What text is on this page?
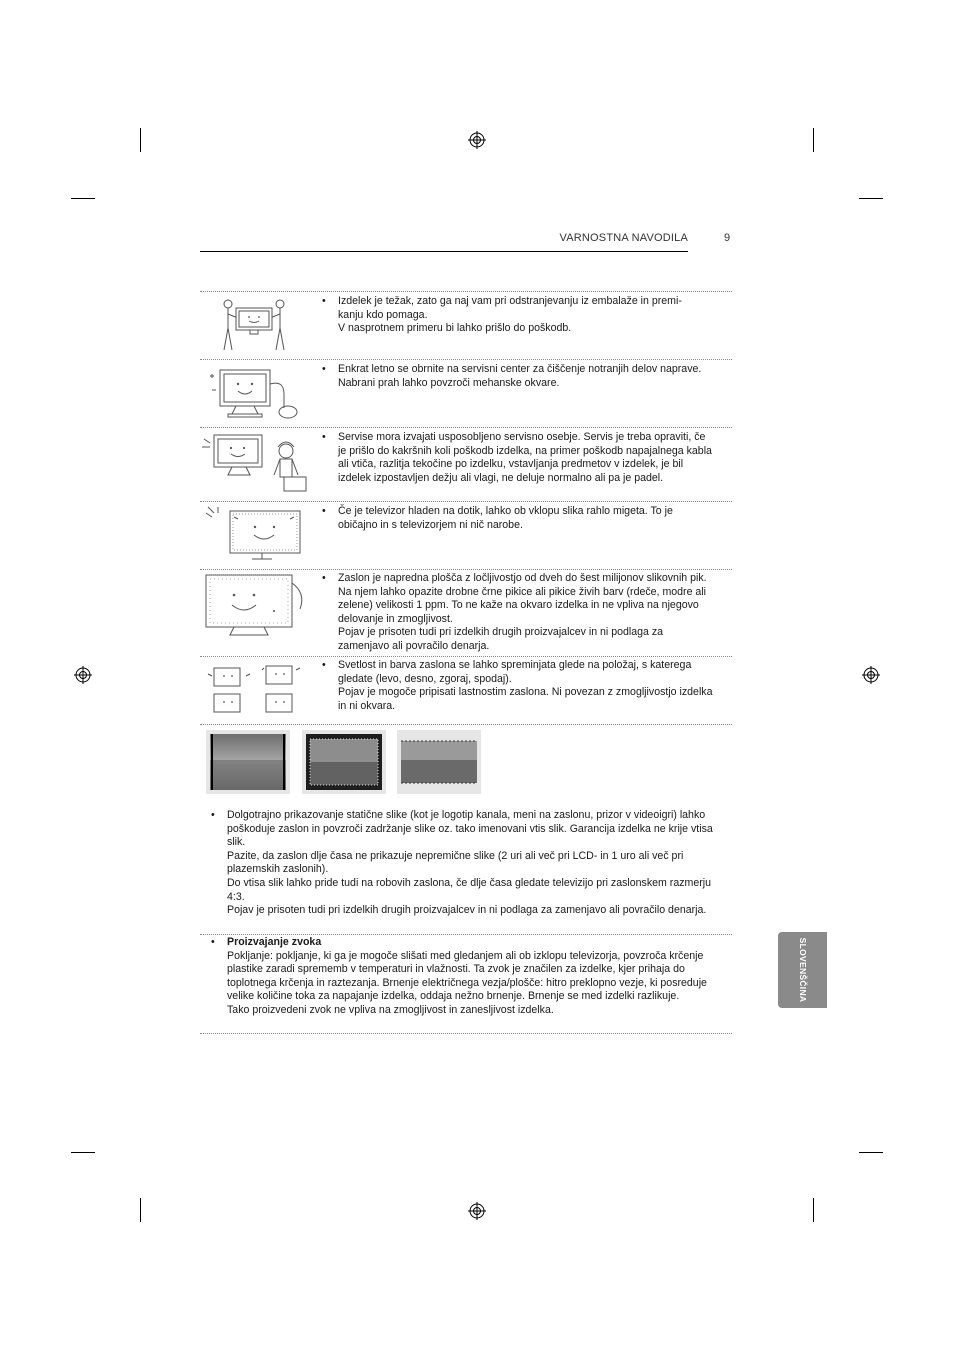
VARNOSTNA NAVODILA	9
SLOVENŠČINA
• Izdelek je težak, zato ga naj vam pri odstranjevanju iz embalaže in premi-
kanju kdo pomaga.
V nasprotnem primeru bi lahko prišlo do poškodb.
• Enkrat letno se obrnite na servisni center za čiščenje notranjih delov naprave.
Nabrani prah lahko povzroči mehanske okvare.
• Servise mora izvajati usposobljeno servisno osebje. Servis je treba opraviti, če je prišlo do kakršnih koli poškodb izdelka, na primer poškodb napajalnega kabla ali vtiča, razlitja tekočine po izdelku, vstavljanja predmetov v izdelek, je bil izdelek izpostavljen dežju ali vlagi, ne deluje normalno ali pa je padel.
• Če je televizor hladen na dotik, lahko ob vklopu slika rahlo migeta. To je običajno in s televizorjem ni nič narobe.
• Zaslon je napredna plošča z ločljivostjo od dveh do šest milijonov slikovnih pik. Na njem lahko opazite drobne črne pikice ali pikice živih barv (rdeče, modre ali zelene) velikosti 1 ppm. To ne kaže na okvaro izdelka in ne vpliva na njegovo delovanje in zmogljivost.
Pojav je prisoten tudi pri izdelkih drugih proizvajalcev in ni podlaga za zamenjavo ali povračilo denarja.
• Svetlost in barva zaslona se lahko spreminjata glede na položaj, s katerega gledate (levo, desno, zgoraj, spodaj).
Pojav je mogoče pripisati lastnostim zaslona. Ni povezan z zmogljivostjo izdelka in ni okvara.
• Dolgotrajno prikazovanje statične slike (kot je logotip kanala, meni na zaslonu, prizor v videoigri) lahko poškoduje zaslon in povzroči zadržanje slike oz. tako imenovani vtis slik. Garancija izdelka ne krije vtisa slik.

Pazite, da zaslon dlje časa ne prikazuje nepremične slike (2 uri ali več pri LCD- in 1 uro ali več pri plazemskih zaslonih).

Do vtisa slik lahko pride tudi na robovih zaslona, če dlje časa gledate televizijo pri zaslonskem razmerju 4:3.

Pojav je prisoten tudi pri izdelkih drugih proizvajalcev in ni podlaga za zamenjavo ali povračilo denarja.

• Proizvajanje zvoka

Pokljanje: pokljanje, ki ga je mogoče slišati med gledanjem ali ob izklopu televizorja, povzroča krčenje plastike zaradi sprememb v temperaturi in vlažnosti. Ta zvok je značilen za izdelke, kjer prihaja do toplotnega krčenja in raztezanja. Brnenje električnega vezja/plošče: hitro preklopno vezje, ki posreduje velike količine toka za napajanje izdelka, oddaja nežno brnenje. Brnenje se med izdelki razlikuje.

Tako proizvedeni zvok ne vpliva na zmogljivost in zanesljivost izdelka.
